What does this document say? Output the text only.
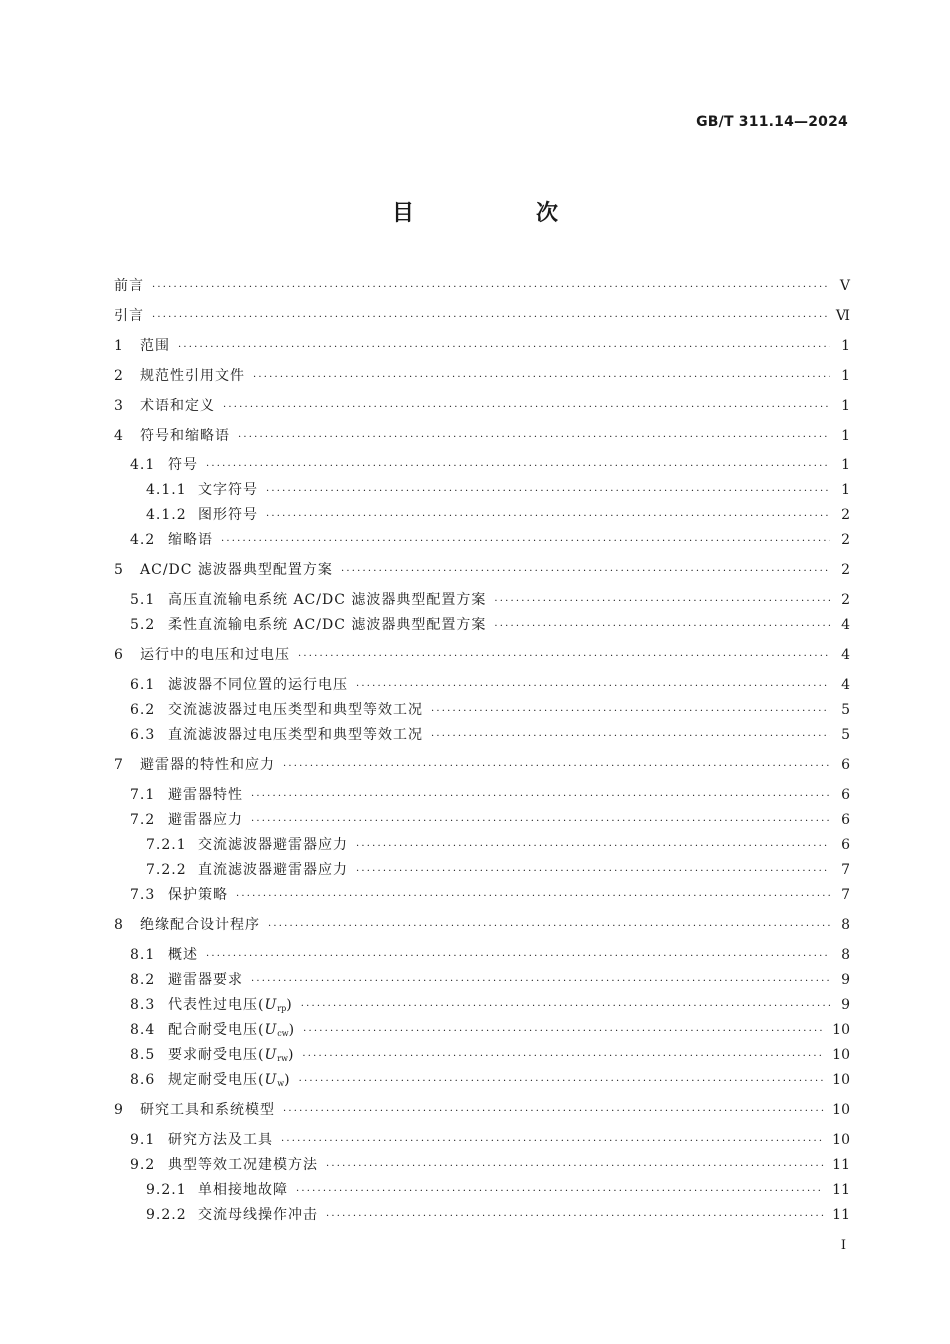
GB/T 311.14—2024
目　次
前言 ·····	Ⅴ
引言 ·····	Ⅵ
1	范围 ·····	1
2	规范性引用文件 ·····	1
3	术语和定义 ·····	1
4	符号和缩略语 ·····	1
4.1 符号 ·····	1
4.1.1 文字符号 ·····	1
4.1.2 图形符号 ·····	2
4.2 缩略语 ·····	2
5	AC/DC 滤波器典型配置方案 ·····	2
5.1 高压直流输电系统 AC/DC 滤波器典型配置方案 ·····	2
5.2 柔性直流输电系统 AC/DC 滤波器典型配置方案 ·····	4
6	运行中的电压和过电压 ·····	4
6.1 滤波器不同位置的运行电压 ·····	4
6.2 交流滤波器过电压类型和典型等效工况 ·····	5
6.3 直流滤波器过电压类型和典型等效工况 ·····	5
7	避雷器的特性和应力 ·····	6
7.1 避雷器特性 ·····	6
7.2 避雷器应力 ·····	6
7.2.1 交流滤波器避雷器应力 ·····	6
7.2.2 直流滤波器避雷器应力 ·····	7
7.3 保护策略 ·····	7
8	绝缘配合设计程序 ·····	8
8.1 概述 ·····	8
8.2 避雷器要求 ·····	9
8.3 代表性过电压$(U_{rp})$ ·····	9
8.4 配合耐受电压$(U_{cw})$ ·····	10
8.5 要求耐受电压$(U_{rw})$ ·····	10
8.6 规定耐受电压$(U_w)$ ·····	10
9	研究工具和系统模型 ·····	10
9.1 研究方法及工具 ·····	10
9.2 典型等效工况建模方法 ·····	11
9.2.1 单相接地故障 ·····	11
9.2.2 交流母线操作冲击 ·····	11
Ⅰ
